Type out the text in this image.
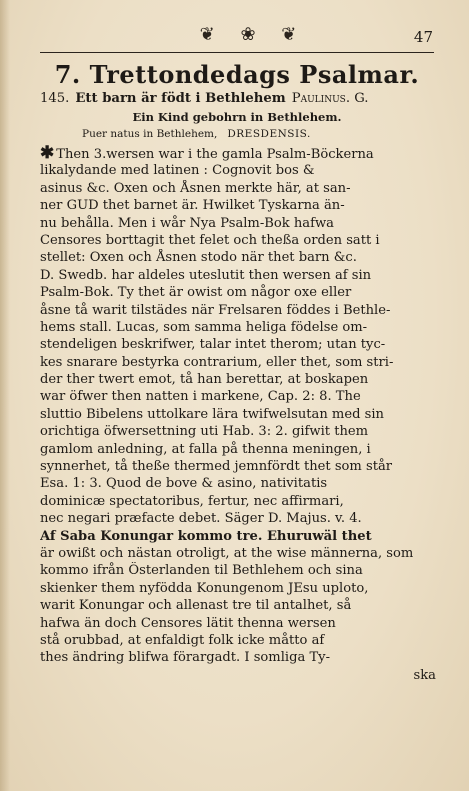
❦ ❀ ❦	47
7. Trettondedags Psalmar.
145. Ett barn är födt i Bethlehem Paulinus. G.
Ein Kind gebohrn in Bethlehem.
Puer natus in Bethlehem, DRESDENSIS.
✱ Then 3.wersen war i the gamla Psalm-Böckerna
likalydande med latinen : Cognovit bos &
asinus &c. Oxen och Åsnen merkte här, at san-
ner GUD thet barnet är. Hwilket Tyskarna än-
nu behålla. Men i wår Nya Psalm-Bok hafwa
Censores borttagit thet felet och theßa orden satt i
stellet: Oxen och Åsnen stodo när thet barn &c.
D. Swedb. har aldeles uteslutit then wersen af sin
Psalm-Bok. Ty thet är owist om någor oxe eller
åsne tå warit tilstädes när Frelsaren föddes i Bethle-
hems stall. Lucas, som samma heliga födelse om-
stendeligen beskrifwer, talar intet therom; utan tyc-
kes snarare bestyrka contrarium, eller thet, som stri-
der ther twert emot, tå han berettar, at boskapen
war öfwer then natten i markene, Cap. 2: 8. The
sluttio Bibelens uttolkare lära twifwelsutan med sin
orichtiga öfwersettning uti Hab. 3: 2. gifwit them
gamlom anledning, at falla på thenna meningen, i
synnerhet, tå theße thermed jemnfördt thet som står
Esa. 1: 3. Quod de bove & asino, nativitatis
dominicæ spectatoribus, fertur, nec affirmari,
nec negari præfacte debet. Säger D. Majus. v. 4.
Af Saba Konungar kommo tre. Ehuruwäl thet
är owißt och nästan otroligt, at the wise männerna, som
kommo ifrån Österlanden til Bethlehem och sina
skienker them nyfödda Konungenom JEsu uploto,
warit Konungar och allenast tre til antalhet, så
hafwa än doch Censores lätit thenna wersen
stå orubbad, at enfaldigt folk icke måtto af
thes ändring blifwa förargadt. I somliga Ty-
ska
